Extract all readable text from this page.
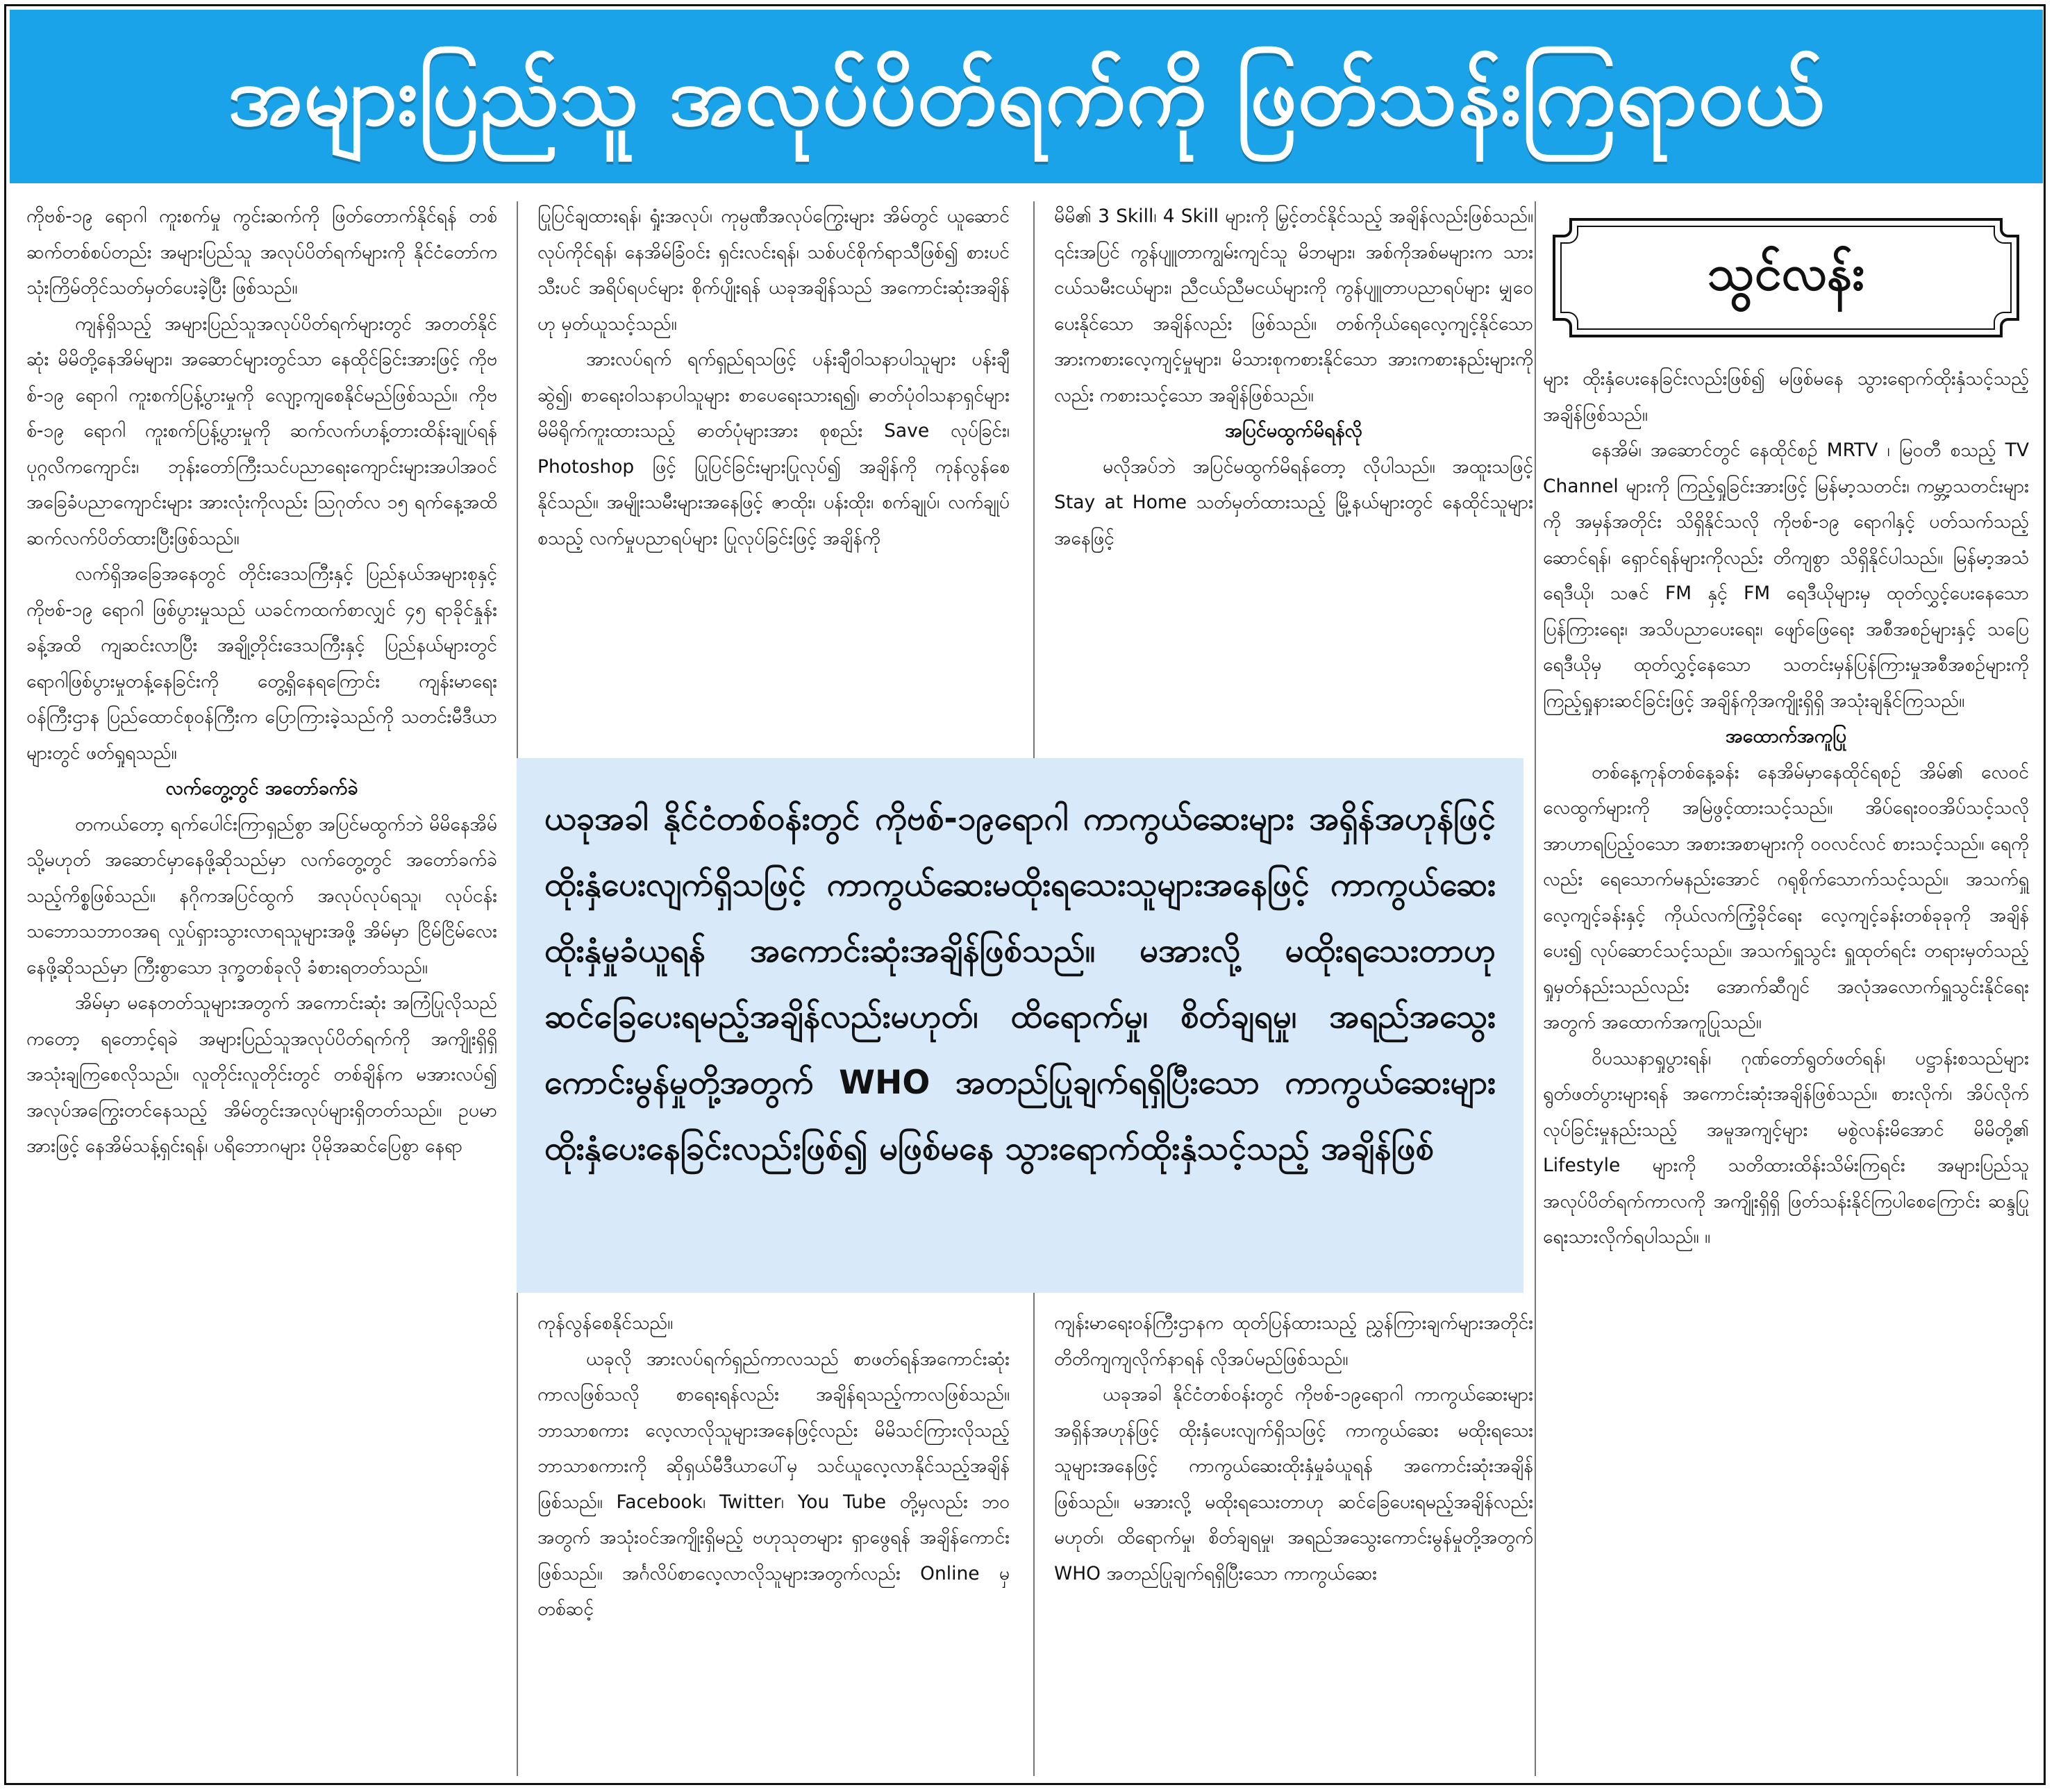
အများပြည်သူ အလုပ်ပိတ်ရက်ကို ဖြတ်သန်းကြရာဝယ်

ကိုဗစ်-၁၉ ရောဂါ ကူးစက်မှု ကွင်းဆက်ကို ဖြတ်တောက်နိုင်ရန် တစ်ဆက်တစ်စပ်တည်း အများပြည်သူ အလုပ်ပိတ်ရက်များကို နိုင်ငံတော်က သုံးကြိမ်တိုင်သတ်မှတ်ပေးခဲ့ပြီး ဖြစ်သည်။

ကျန်ရှိသည့် အများပြည်သူအလုပ်ပိတ်ရက်များတွင် အတတ်နိုင်ဆုံး မိမိတို့နေအိမ်များ၊ အဆောင်များတွင်သာ နေထိုင်ခြင်းအားဖြင့် ကိုဗစ်-၁၉ ရောဂါ ကူးစက်ပြန့်ပွားမှုကို လျော့ကျစေနိုင်မည်ဖြစ်သည်။ ကိုဗစ်-၁၉ ရောဂါ ကူးစက်ပြန့်ပွားမှုကို ဆက်လက်ဟန့်တားထိန်းချုပ်ရန် ပုဂ္ဂလိကကျောင်း၊ ဘုန်းတော်ကြီးသင်ပညာရေးကျောင်းများအပါအဝင် အခြေခံပညာကျောင်းများ အားလုံးကိုလည်း ဩဂုတ်လ ၁၅ ရက်နေ့အထိ ဆက်လက်ပိတ်ထားပြီးဖြစ်သည်။

လက်ရှိအခြေအနေတွင် တိုင်းဒေသကြီးနှင့် ပြည်နယ်အများစုနှင့် ကိုဗစ်-၁၉ ရောဂါ ဖြစ်ပွားမှုသည် ယခင်ကထက်စာလျှင် ၄၅ ရာခိုင်နှုန်းခန့်အထိ ကျဆင်းလာပြီး အချို့တိုင်းဒေသကြီးနှင့် ပြည်နယ်များတွင် ရောဂါဖြစ်ပွားမှုတန့်နေခြင်းကို တွေ့ရှိနေရကြောင်း ကျန်းမာရေးဝန်ကြီးဌာန ပြည်ထောင်စုဝန်ကြီးက ပြောကြားခဲ့သည်ကို သတင်းမီဒီယာများတွင် ဖတ်ရှုရသည်။

လက်တွေ့တွင် အတော်ခက်ခဲ

တကယ်တော့ ရက်ပေါင်းကြာရှည်စွာ အပြင်မထွက်ဘဲ မိမိနေအိမ် သို့မဟုတ် အဆောင်မှာနေဖို့ဆိုသည်မှာ လက်တွေ့တွင် အတော်ခက်ခဲသည့်ကိစ္စဖြစ်သည်။ နဂိုကအပြင်ထွက် အလုပ်လုပ်ရသူ၊ လုပ်ငန်းသဘောသဘာဝအရ လှုပ်ရှားသွားလာရသူများအဖို့ အိမ်မှာ ငြိမ်ငြိမ်လေးနေဖို့ဆိုသည်မှာ ကြီးစွာသော ဒုက္ခတစ်ခုလို ခံစားရတတ်သည်။

အိမ်မှာ မနေတတ်သူများအတွက် အကောင်းဆုံး အကြံပြုလိုသည်ကတော့ ရတောင့်ရခဲ အများပြည်သူအလုပ်ပိတ်ရက်ကို အကျိုးရှိရှိ အသုံးချကြစေလိုသည်။ လူတိုင်းလူတိုင်းတွင် တစ်ချိန်က မအားလပ်၍ အလုပ်အကြွေးတင်နေသည့် အိမ်တွင်းအလုပ်များရှိတတ်သည်။ ဥပမာအားဖြင့် နေအိမ်သန့်ရှင်းရန်၊ ပရိဘောဂများ ပိုမိုအဆင်ပြေစွာ နေရာ

ပြုပြင်ချထားရန်၊ ရှုံးအလုပ်၊ ကုမ္ပဏီအလုပ်ကြွေးများ အိမ်တွင် ယူဆောင်လုပ်ကိုင်ရန်၊ နေအိမ်ခြံဝင်း ရှင်းလင်းရန်၊ သစ်ပင်စိုက်ရာသီဖြစ်၍ စားပင် သီးပင် အရိပ်ရပင်များ စိုက်ပျိုးရန် ယခုအချိန်သည် အကောင်းဆုံးအချိန်ဟု မှတ်ယူသင့်သည်။

အားလပ်ရက် ရက်ရှည်ရသဖြင့် ပန်းချီဝါသနာပါသူများ ပန်းချီဆွဲ၍၊ စာရေးဝါသနာပါသူများ စာပေရေးသားရ၍၊ ဓာတ်ပုံဝါသနာရှင်များ မိမိရိုက်ကူးထားသည့် ဓာတ်ပုံများအား စုစည်း Save လုပ်ခြင်း၊ Photoshop ဖြင့် ပြုပြင်ခြင်းများပြုလုပ်၍ အချိန်ကို ကုန်လွန်စေနိုင်သည်။ အမျိုးသမီးများအနေဖြင့် ဇာထိုး၊ ပန်းထိုး၊ စက်ချုပ်၊ လက်ချုပ် စသည့် လက်မှုပညာရပ်များ ပြုလုပ်ခြင်းဖြင့် အချိန်ကို

မိမိ၏ 3 Skill၊ 4 Skill များကို မြှင့်တင်နိုင်သည့် အချိန်လည်းဖြစ်သည်။ ၎င်းအပြင် ကွန်ပျူတာကျွမ်းကျင်သူ မိဘများ၊ အစ်ကိုအစ်မများက သားငယ်သမီးငယ်များ၊ ညီငယ်ညီမငယ်များကို ကွန်ပျူတာပညာရပ်များ မျှဝေပေးနိုင်သော အချိန်လည်း ဖြစ်သည်။ တစ်ကိုယ်ရေလေ့ကျင့်နိုင်သောအားကစားလေ့ကျင့်မှုများ၊ မိသားစုကစားနိုင်သော အားကစားနည်းများကိုလည်း ကစားသင့်သော အချိန်ဖြစ်သည်။

အပြင်မထွက်မိရန်လို

မလိုအပ်ဘဲ အပြင်မထွက်မိရန်တော့ လိုပါသည်။ အထူးသဖြင့် Stay at Home သတ်မှတ်ထားသည့် မြို့နယ်များတွင် နေထိုင်သူများအနေဖြင့်

ယခုအခါ နိုင်ငံတစ်ဝန်းတွင် ကိုဗစ်-၁၉ရောဂါ ကာကွယ်ဆေးများ အရှိန်အဟုန်ဖြင့် ထိုးနှံပေးလျက်ရှိသဖြင့် ကာကွယ်ဆေးမထိုးရသေးသူများအနေဖြင့် ကာကွယ်ဆေးထိုးနှံမှုခံယူရန် အကောင်းဆုံးအချိန်ဖြစ်သည်။ မအားလို့ မထိုးရသေးတာဟု ဆင်ခြေပေးရမည့်အချိန်လည်းမဟုတ်၊ ထိရောက်မှု၊ စိတ်ချရမှု၊ အရည်အသွေးကောင်းမွန်မှုတို့အတွက် WHO အတည်ပြုချက်ရရှိပြီးသော ကာကွယ်ဆေးများ ထိုးနှံပေးနေခြင်းလည်းဖြစ်၍ မဖြစ်မနေ သွားရောက်ထိုးနှံသင့်သည့် အချိန်ဖြစ်

ကုန်လွန်စေနိုင်သည်။

ယခုလို အားလပ်ရက်ရှည်ကာလသည် စာဖတ်ရန်အကောင်းဆုံးကာလဖြစ်သလို စာရေးရန်လည်း အချိန်ရသည့်ကာလဖြစ်သည်။ ဘာသာစကား လေ့လာလိုသူများအနေဖြင့်လည်း မိမိသင်ကြားလိုသည့် ဘာသာစကားကို ဆိုရှယ်မီဒီယာပေါ်မှ သင်ယူလေ့လာနိုင်သည့်အချိန် ဖြစ်သည်။ Facebook၊ Twitter၊ You Tube တို့မှလည်း ဘဝအတွက် အသုံးဝင်အကျိုးရှိမည့် ဗဟုသုတများ ရှာဖွေရန် အချိန်ကောင်းဖြစ်သည်။ အင်္ဂလိပ်စာလေ့လာလိုသူများအတွက်လည်း Online မှတစ်ဆင့်

ကျန်းမာရေးဝန်ကြီးဌာနက ထုတ်ပြန်ထားသည့် ညွှန်ကြားချက်များအတိုင်း တိတိကျကျလိုက်နာရန် လိုအပ်မည်ဖြစ်သည်။

ယခုအခါ နိုင်ငံတစ်ဝန်းတွင် ကိုဗစ်-၁၉ရောဂါ ကာကွယ်ဆေးများ အရှိန်အဟုန်ဖြင့် ထိုးနှံပေးလျက်ရှိသဖြင့် ကာကွယ်ဆေး မထိုးရသေးသူများအနေဖြင့် ကာကွယ်ဆေးထိုးနှံမှုခံယူရန် အကောင်းဆုံးအချိန်ဖြစ်သည်။ မအားလို့ မထိုးရသေးတာဟု ဆင်ခြေပေးရမည့်အချိန်လည်း မဟုတ်၊ ထိရောက်မှု၊ စိတ်ချရမှု၊ အရည်အသွေးကောင်းမွန်မှုတို့အတွက် WHO အတည်ပြုချက်ရရှိပြီးသော ကာကွယ်ဆေး

သွင်လန်း

များ ထိုးနှံပေးနေခြင်းလည်းဖြစ်၍ မဖြစ်မနေ သွားရောက်ထိုးနှံသင့်သည့် အချိန်ဖြစ်သည်။

နေအိမ်၊ အဆောင်တွင် နေထိုင်စဉ် MRTV ၊ မြဝတီ စသည့် TV Channel များကို ကြည့်ရှုခြင်းအားဖြင့် မြန်မာ့သတင်း၊ ကမ္ဘာ့သတင်းများကို အမှန်အတိုင်း သိရှိနိုင်သလို ကိုဗစ်-၁၉ ရောဂါနှင့် ပတ်သက်သည့် ဆောင်ရန်၊ ရှောင်ရန်များကိုလည်း တိကျစွာ သိရှိနိုင်ပါသည်။ မြန်မာ့အသံရေဒီယို၊ သဇင် FM နှင့် FM ရေဒီယိုများမှ ထုတ်လွှင့်ပေးနေသော ပြန်ကြားရေး၊ အသိပညာပေးရေး၊ ဖျော်ဖြေရေး အစီအစဉ်များနှင့် သပြေရေဒီယိုမှ ထုတ်လွှင့်နေသော သတင်းမှန်ပြန်ကြားမှုအစီအစဉ်များကို ကြည့်ရှုနားဆင်ခြင်းဖြင့် အချိန်ကိုအကျိုးရှိရှိ အသုံးချနိုင်ကြသည်။

အထောက်အကူပြု

တစ်နေ့ကုန်တစ်နေ့ခန်း နေအိမ်မှာနေထိုင်ရစဉ် အိမ်၏ လေဝင်လေထွက်များကို အမြဲဖွင့်ထားသင့်သည်။ အိပ်ရေး၀၀အိပ်သင့်သလို အာဟာရပြည့်ဝသော အစားအစာများကို ဝ၀လင်လင် စားသင့်သည်။ ရေကိုလည်း ရေသောက်မနည်းအောင် ဂရုစိုက်သောက်သင့်သည်။ အသက်ရှူလေ့ကျင့်ခန်းနှင့် ကိုယ်လက်ကြံ့ခိုင်ရေး လေ့ကျင့်ခန်းတစ်ခုခုကို အချိန်ပေး၍ လုပ်ဆောင်သင့်သည်။ အသက်ရှူသွင်း ရှူထုတ်ရင်း တရားမှတ်သည့် ရှုမှတ်နည်းသည်လည်း အောက်ဆီဂျင် အလုံအလောက်ရှူသွင်းနိုင်ရေးအတွက် အထောက်အကူပြုသည်။

ဝိပဿနာရှုပွားရန်၊ ဂုဏ်တော်ရွတ်ဖတ်ရန်၊ ပဋ္ဌာန်းစသည်များ ရွတ်ဖတ်ပွားများရန် အကောင်းဆုံးအချိန်ဖြစ်သည်။ စားလိုက်၊ အိပ်လိုက် လုပ်ခြင်းမှုနည်းသည့် အမူအကျင့်များ မစွဲလန်းမိအောင် မိမိတို့၏ Lifestyle များကို သတိထားထိန်းသိမ်းကြရင်း အများပြည်သူ အလုပ်ပိတ်ရက်ကာလကို အကျိုးရှိရှိ ဖြတ်သန်းနိုင်ကြပါစေကြောင်း ဆန္ဒပြုရေးသားလိုက်ရပါသည်။ ။
